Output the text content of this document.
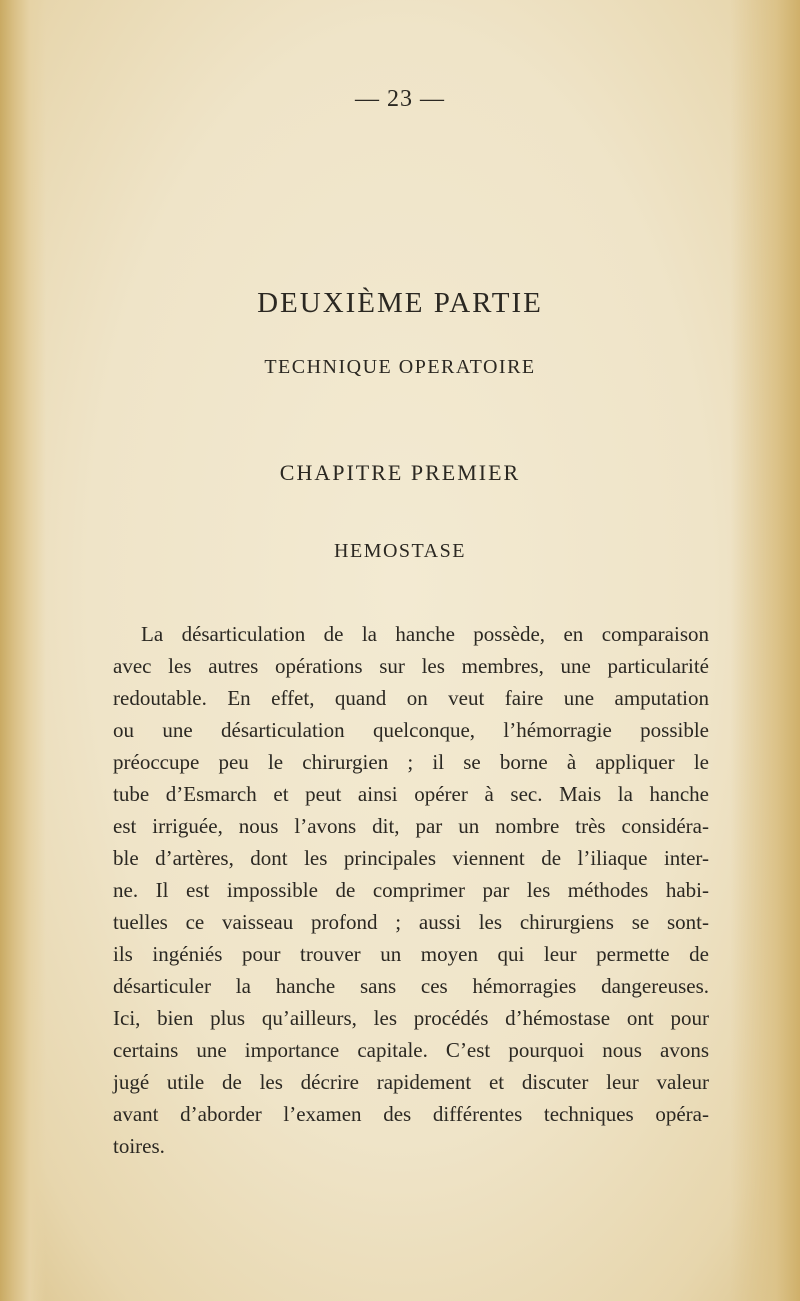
— 23 —
DEUXIÈME PARTIE
TECHNIQUE OPERATOIRE
CHAPITRE PREMIER
HEMOSTASE
La désarticulation de la hanche possède, en comparaison
avec les autres opérations sur les membres, une particularité
redoutable. En effet, quand on veut faire une amputation
ou une désarticulation quelconque, l’hémorragie possible
préoccupe peu le chirurgien ; il se borne à appliquer le
tube d’Esmarch et peut ainsi opérer à sec. Mais la hanche
est irriguée, nous l’avons dit, par un nombre très considéra-
ble d’artères, dont les principales viennent de l’iliaque inter-
ne. Il est impossible de comprimer par les méthodes habi-
tuelles ce vaisseau profond ; aussi les chirurgiens se sont-
ils ingéniés pour trouver un moyen qui leur permette de
désarticuler la hanche sans ces hémorragies dangereuses.
Ici, bien plus qu’ailleurs, les procédés d’hémostase ont pour
certains une importance capitale. C’est pourquoi nous avons
jugé utile de les décrire rapidement et discuter leur valeur
avant d’aborder l’examen des différentes techniques opéra-
toires.
